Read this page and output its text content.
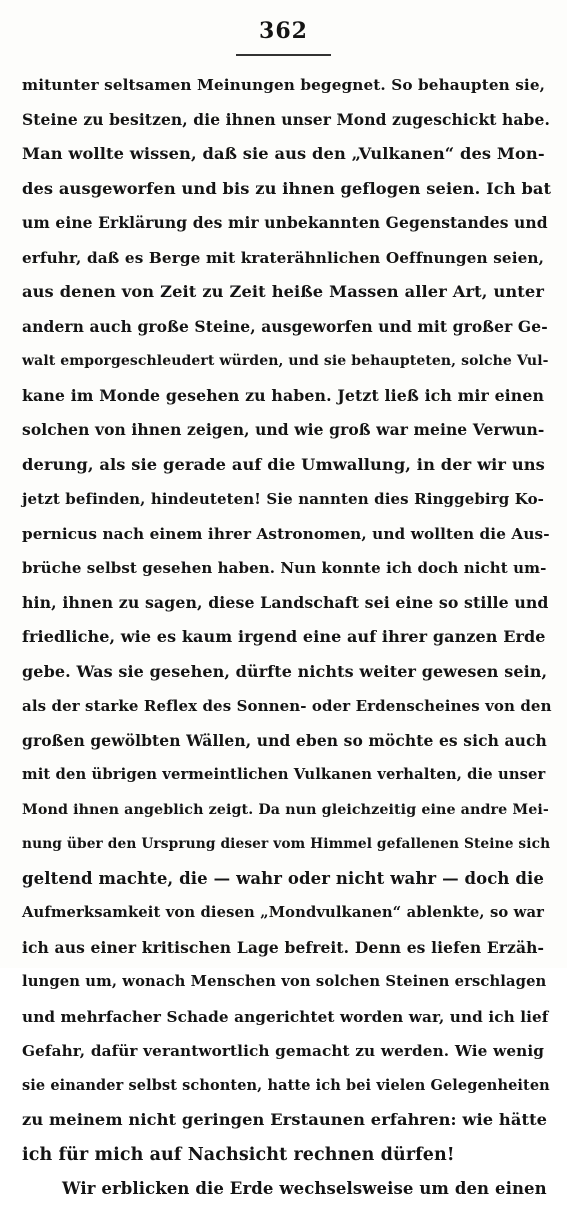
362
mitunter seltsamen Meinungen begegnet. So behaupten sie,
Steine zu besitzen, die ihnen unser Mond zugeschickt habe.
Man wollte wissen, daß sie aus den „Vulkanen“ des Mon-
des ausgeworfen und bis zu ihnen geflogen seien. Ich bat
um eine Erklärung des mir unbekannten Gegenstandes und
erfuhr, daß es Berge mit kraterähnlichen Oeffnungen seien,
aus denen von Zeit zu Zeit heiße Massen aller Art, unter
andern auch große Steine, ausgeworfen und mit großer Ge-
walt emporgeschleudert würden, und sie behaupteten, solche Vul-
kane im Monde gesehen zu haben. Jetzt ließ ich mir einen
solchen von ihnen zeigen, und wie groß war meine Verwun-
derung, als sie gerade auf die Umwallung, in der wir uns
jetzt befinden, hindeuteten! Sie nannten dies Ringgebirg Ko-
pernicus nach einem ihrer Astronomen, und wollten die Aus-
brüche selbst gesehen haben. Nun konnte ich doch nicht um-
hin, ihnen zu sagen, diese Landschaft sei eine so stille und
friedliche, wie es kaum irgend eine auf ihrer ganzen Erde
gebe. Was sie gesehen, dürfte nichts weiter gewesen sein,
als der starke Reflex des Sonnen- oder Erdenscheines von den
großen gewölbten Wällen, und eben so möchte es sich auch
mit den übrigen vermeintlichen Vulkanen verhalten, die unser
Mond ihnen angeblich zeigt. Da nun gleichzeitig eine andre Mei-
nung über den Ursprung dieser vom Himmel gefallenen Steine sich
geltend machte, die — wahr oder nicht wahr — doch die
Aufmerksamkeit von diesen „Mondvulkanen“ ablenkte, so war
ich aus einer kritischen Lage befreit. Denn es liefen Erzäh-
lungen um, wonach Menschen von solchen Steinen erschlagen
und mehrfacher Schade angerichtet worden war, und ich lief
Gefahr, dafür verantwortlich gemacht zu werden. Wie wenig
sie einander selbst schonten, hatte ich bei vielen Gelegenheiten
zu meinem nicht geringen Erstaunen erfahren: wie hätte
ich für mich auf Nachsicht rechnen dürfen!
Wir erblicken die Erde wechselsweise um den einen
